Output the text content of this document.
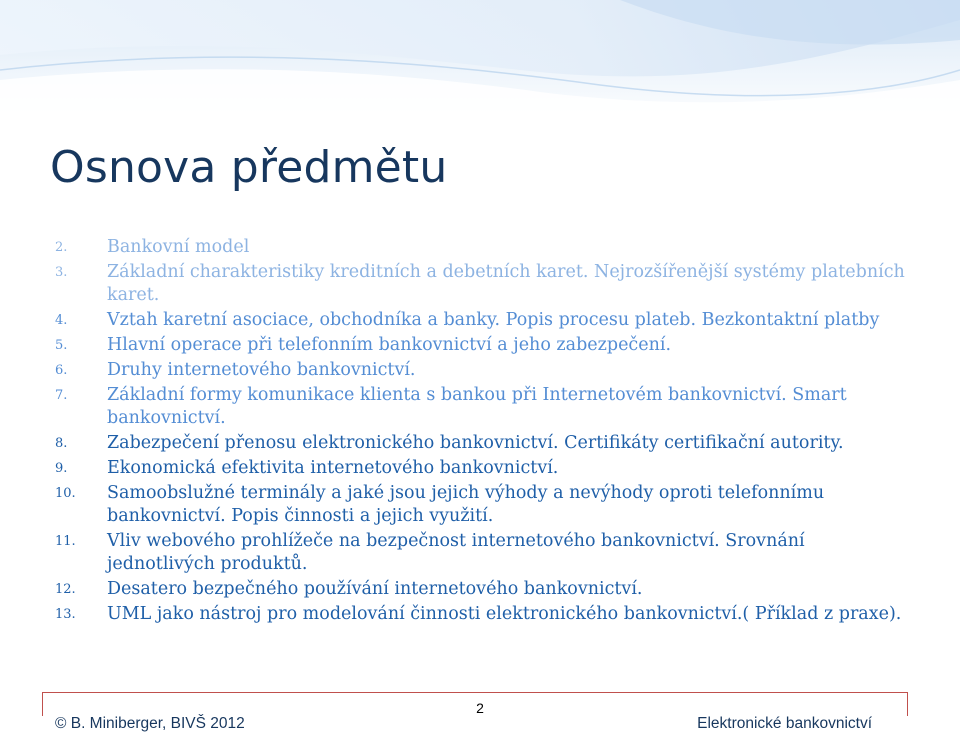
Osnova předmětu
2. Bankovní model
3. Základní charakteristiky kreditních a debetních karet. Nejrozšířenější systémy platebních karet.
4. Vztah karetní asociace, obchodníka a banky. Popis procesu plateb. Bezkontaktní platby
5. Hlavní operace při telefonním bankovnictví a jeho zabezpečení.
6. Druhy internetového bankovnictví.
7. Základní formy komunikace klienta s bankou při Internetovém bankovnictví. Smart bankovnictví.
8. Zabezpečení přenosu elektronického bankovnictví. Certifikáty certifikační autority.
9. Ekonomická efektivita internetového bankovnictví.
10. Samoobslužné terminály a jaké jsou jejich výhody a nevýhody oproti telefonnímu bankovnictví. Popis činnosti a jejich využití.
11. Vliv webového prohlížeče na bezpečnost internetového bankovnictví. Srovnání jednotlivých produktů.
12. Desatero bezpečného používání internetového bankovnictví.
13. UML jako nástroj pro modelování činnosti elektronického bankovnictví.( Příklad z praxe).
2
© B. Miniberger, BIVŠ 2012	Elektronické bankovnictví
